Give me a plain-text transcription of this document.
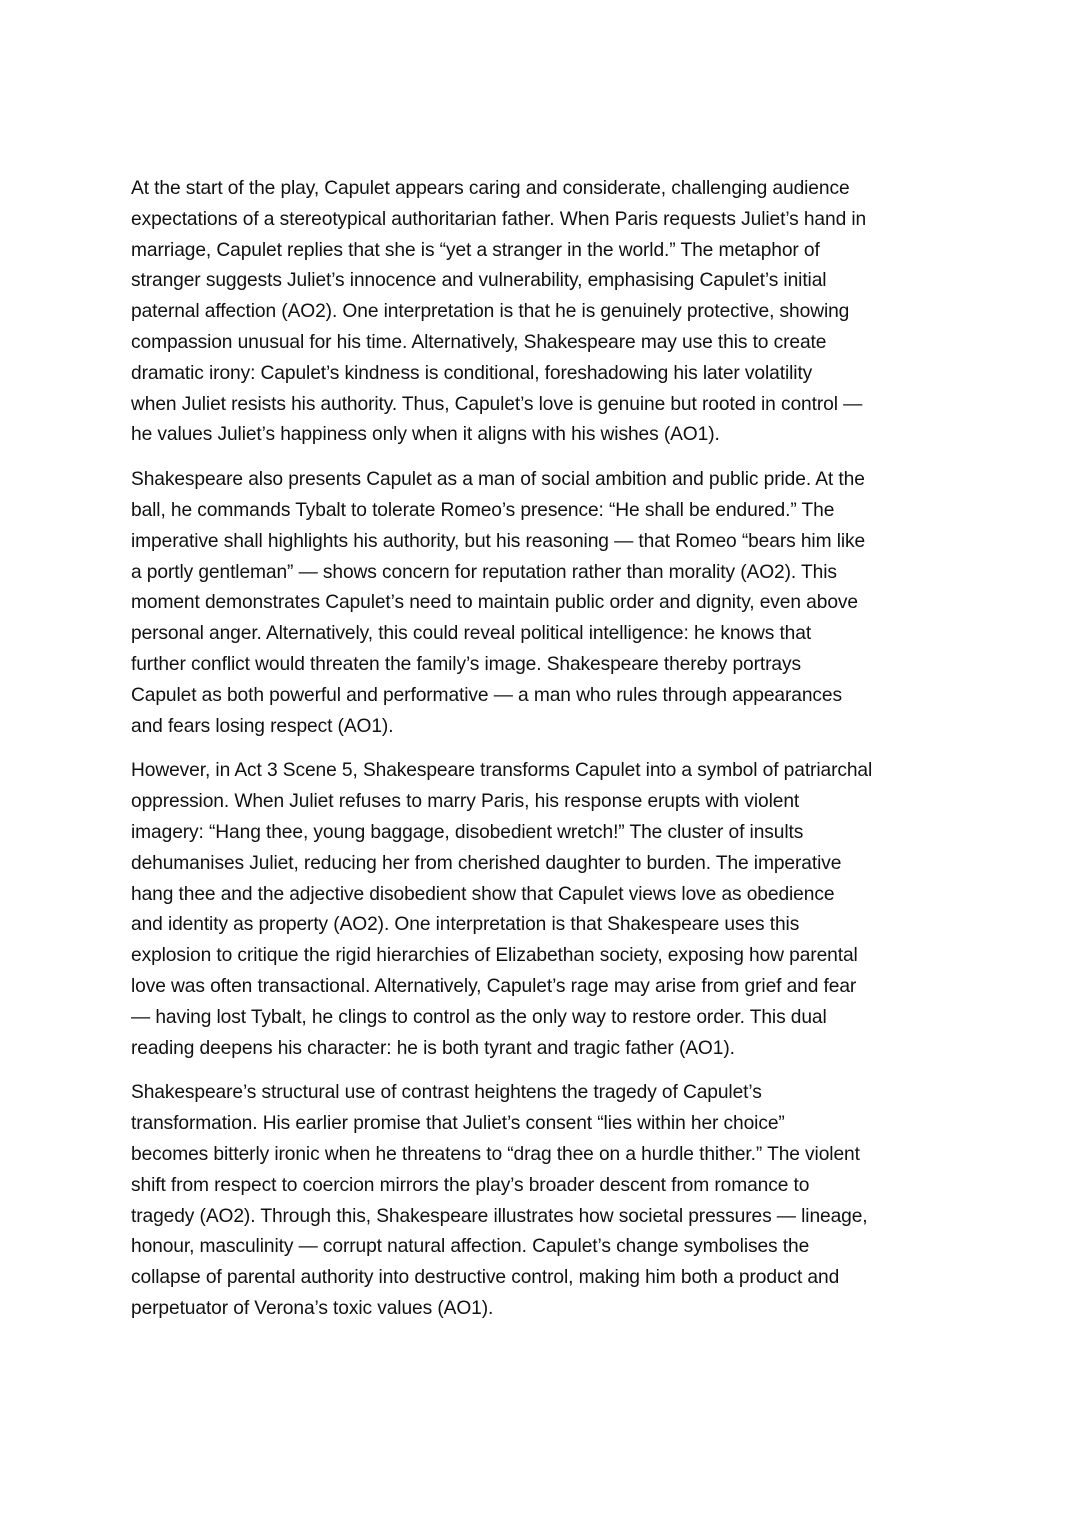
At the start of the play, Capulet appears caring and considerate, challenging audience
expectations of a stereotypical authoritarian father. When Paris requests Juliet’s hand in
marriage, Capulet replies that she is “yet a stranger in the world.” The metaphor of
stranger suggests Juliet’s innocence and vulnerability, emphasising Capulet’s initial
paternal affection (AO2). One interpretation is that he is genuinely protective, showing
compassion unusual for his time. Alternatively, Shakespeare may use this to create
dramatic irony: Capulet’s kindness is conditional, foreshadowing his later volatility
when Juliet resists his authority. Thus, Capulet’s love is genuine but rooted in control —
he values Juliet’s happiness only when it aligns with his wishes (AO1).

Shakespeare also presents Capulet as a man of social ambition and public pride. At the
ball, he commands Tybalt to tolerate Romeo’s presence: “He shall be endured.” The
imperative shall highlights his authority, but his reasoning — that Romeo “bears him like
a portly gentleman” — shows concern for reputation rather than morality (AO2). This
moment demonstrates Capulet’s need to maintain public order and dignity, even above
personal anger. Alternatively, this could reveal political intelligence: he knows that
further conflict would threaten the family’s image. Shakespeare thereby portrays
Capulet as both powerful and performative — a man who rules through appearances
and fears losing respect (AO1).

However, in Act 3 Scene 5, Shakespeare transforms Capulet into a symbol of patriarchal
oppression. When Juliet refuses to marry Paris, his response erupts with violent
imagery: “Hang thee, young baggage, disobedient wretch!” The cluster of insults
dehumanises Juliet, reducing her from cherished daughter to burden. The imperative
hang thee and the adjective disobedient show that Capulet views love as obedience
and identity as property (AO2). One interpretation is that Shakespeare uses this
explosion to critique the rigid hierarchies of Elizabethan society, exposing how parental
love was often transactional. Alternatively, Capulet’s rage may arise from grief and fear
— having lost Tybalt, he clings to control as the only way to restore order. This dual
reading deepens his character: he is both tyrant and tragic father (AO1).

Shakespeare’s structural use of contrast heightens the tragedy of Capulet’s
transformation. His earlier promise that Juliet’s consent “lies within her choice”
becomes bitterly ironic when he threatens to “drag thee on a hurdle thither.” The violent
shift from respect to coercion mirrors the play’s broader descent from romance to
tragedy (AO2). Through this, Shakespeare illustrates how societal pressures — lineage,
honour, masculinity — corrupt natural affection. Capulet’s change symbolises the
collapse of parental authority into destructive control, making him both a product and
perpetuator of Verona’s toxic values (AO1).
